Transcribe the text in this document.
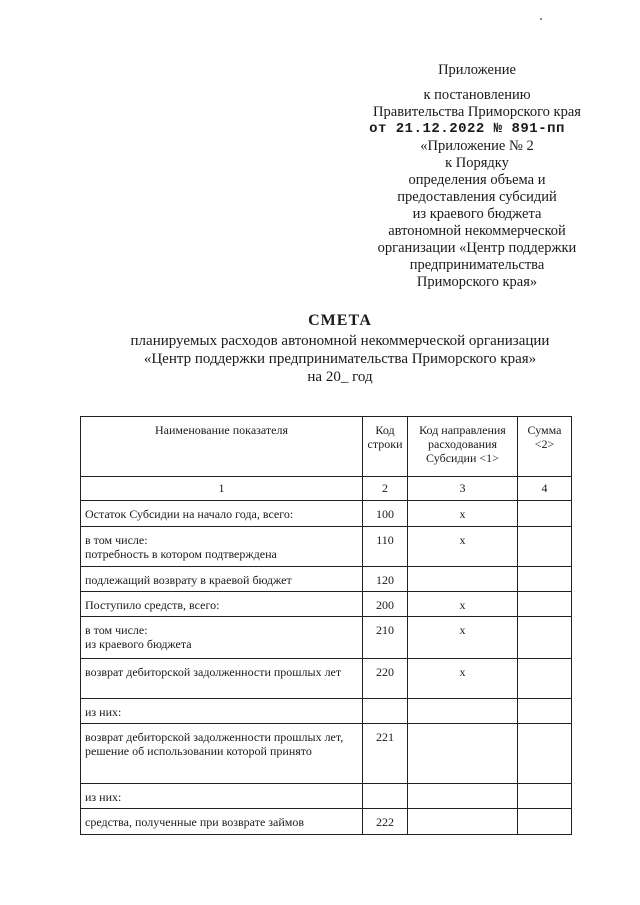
Приложение
к постановлению
Правительства Приморского края
от 21.12.2022 № 891-пп
«Приложение № 2
к Порядку
определения объема и
предоставления субсидий
из краевого бюджета
автономной некоммерческой
организации «Центр поддержки
предпринимательства
Приморского края»
СМЕТА
планируемых расходов автономной некоммерческой организации
«Центр поддержки предпринимательства Приморского края»
на 20_ год
Наименование показателя	Код строки	Код направления расходования Субсидии <1>	Сумма <2>
1	2	3	4
Остаток Субсидии на начало года, всего:	100	х	
в том числе:
потребность в котором подтверждена	110	х	
подлежащий возврату в краевой бюджет	120		
Поступило средств, всего:	200	х	
в том числе:
из краевого бюджета	210	х	
возврат дебиторской задолженности прошлых лет	220	х	
из них:			
возврат дебиторской задолженности прошлых лет, решение об использовании которой принято	221		
из них:			
средства, полученные при возврате займов	222		
